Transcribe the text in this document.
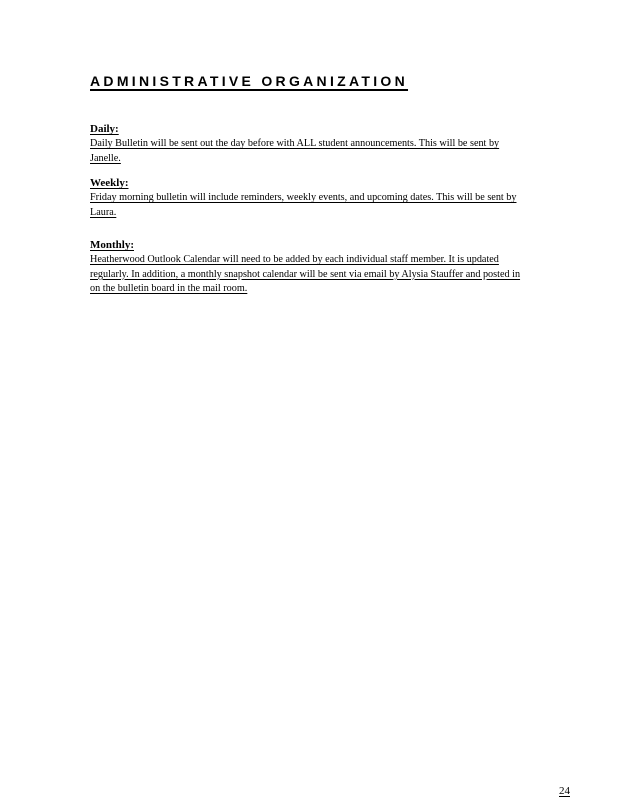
ADMINISTRATIVE ORGANIZATION

Daily:

Daily Bulletin will be sent out the day before with ALL student announcements. This will be sent by Janelle.

Weekly:

Friday morning bulletin will include reminders, weekly events, and upcoming dates. This will be sent by Laura.

Monthly:

Heatherwood Outlook Calendar will need to be added by each individual staff member. It is updated regularly. In addition, a monthly snapshot calendar will be sent via email by Alysia Stauffer and posted in on the bulletin board in the mail room.

24
